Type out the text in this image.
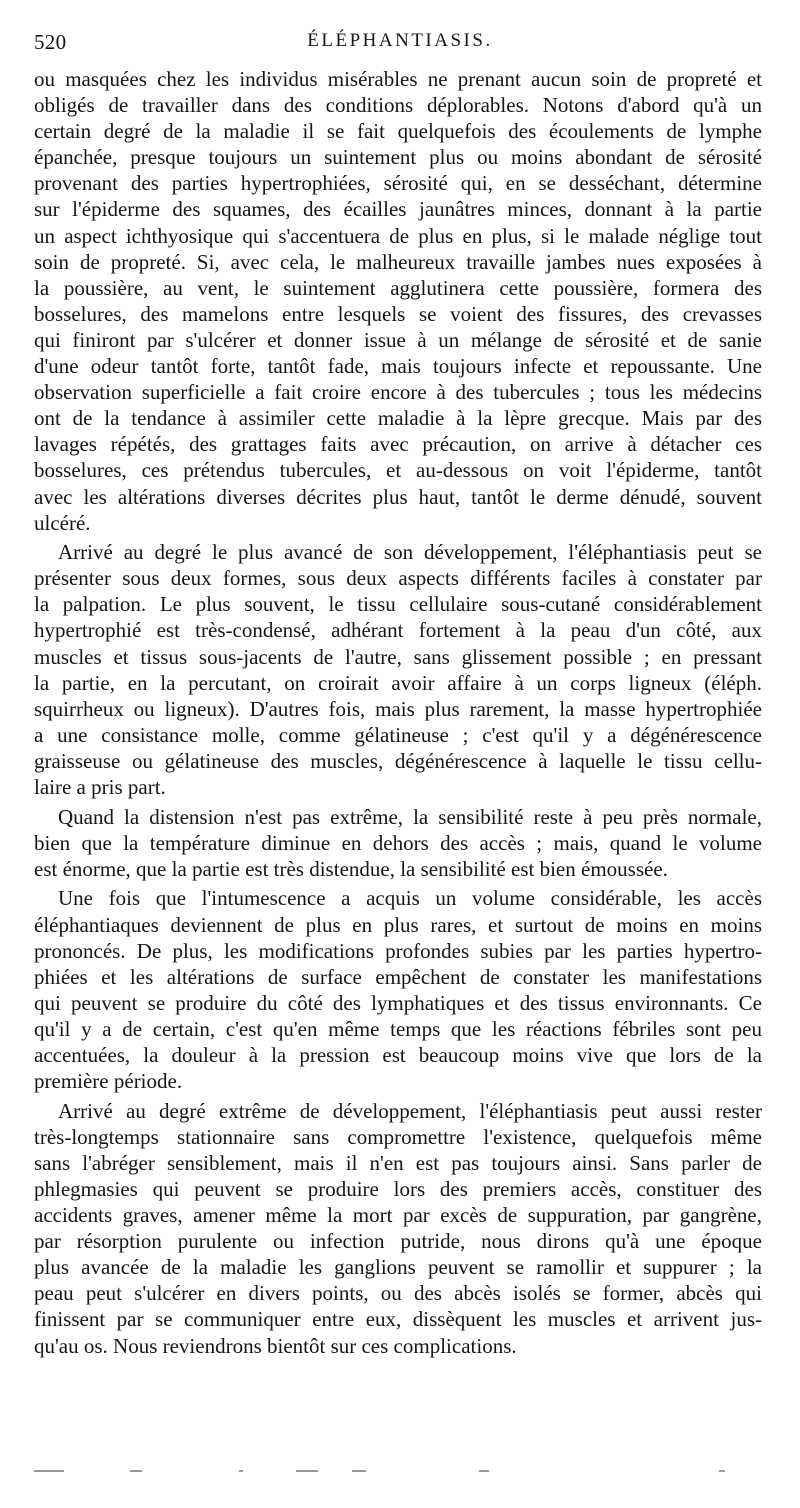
520	ÉLÉPHANTIASIS.
ou masquées chez les individus misérables ne prenant aucun soin de propreté et
obligés de travailler dans des conditions déplorables. Notons d'abord qu'à un
certain degré de la maladie il se fait quelquefois des écoulements de lymphe
épanchée, presque toujours un suintement plus ou moins abondant de sérosité
provenant des parties hypertrophiées, sérosité qui, en se desséchant, détermine
sur l'épiderme des squames, des écailles jaunâtres minces, donnant à la partie
un aspect ichthyosique qui s'accentuera de plus en plus, si le malade néglige tout
soin de propreté. Si, avec cela, le malheureux travaille jambes nues exposées à
la poussière, au vent, le suintement agglutinera cette poussière, formera des
bosselures, des mamelons entre lesquels se voient des fissures, des crevasses
qui finiront par s'ulcérer et donner issue à un mélange de sérosité et de sanie
d'une odeur tantôt forte, tantôt fade, mais toujours infecte et repoussante. Une
observation superficielle a fait croire encore à des tubercules ; tous les médecins
ont de la tendance à assimiler cette maladie à la lèpre grecque. Mais par des
lavages répétés, des grattages faits avec précaution, on arrive à détacher ces
bosselures, ces prétendus tubercules, et au-dessous on voit l'épiderme, tantôt
avec les altérations diverses décrites plus haut, tantôt le derme dénudé, souvent
ulcéré.
Arrivé au degré le plus avancé de son développement, l'éléphantiasis peut se
présenter sous deux formes, sous deux aspects différents faciles à constater par
la palpation. Le plus souvent, le tissu cellulaire sous-cutané considérablement
hypertrophié est très-condensé, adhérant fortement à la peau d'un côté, aux
muscles et tissus sous-jacents de l'autre, sans glissement possible ; en pressant
la partie, en la percutant, on croirait avoir affaire à un corps ligneux (éléph.
squirrheux ou ligneux). D'autres fois, mais plus rarement, la masse hypertrophiée
a une consistance molle, comme gélatineuse ; c'est qu'il y a dégénérescence
graisseuse ou gélatineuse des muscles, dégénérescence à laquelle le tissu cellu-
laire a pris part.
Quand la distension n'est pas extrême, la sensibilité reste à peu près normale,
bien que la température diminue en dehors des accès ; mais, quand le volume
est énorme, que la partie est très distendue, la sensibilité est bien émoussée.
Une fois que l'intumescence a acquis un volume considérable, les accès
éléphantiaques deviennent de plus en plus rares, et surtout de moins en moins
prononcés. De plus, les modifications profondes subies par les parties hypertro-
phiées et les altérations de surface empêchent de constater les manifestations
qui peuvent se produire du côté des lymphatiques et des tissus environnants. Ce
qu'il y a de certain, c'est qu'en même temps que les réactions fébriles sont peu
accentuées, la douleur à la pression est beaucoup moins vive que lors de la
première période.
Arrivé au degré extrême de développement, l'éléphantiasis peut aussi rester
très-longtemps stationnaire sans compromettre l'existence, quelquefois même
sans l'abréger sensiblement, mais il n'en est pas toujours ainsi. Sans parler de
phlegmasies qui peuvent se produire lors des premiers accès, constituer des
accidents graves, amener même la mort par excès de suppuration, par gangrène,
par résorption purulente ou infection putride, nous dirons qu'à une époque
plus avancée de la maladie les ganglions peuvent se ramollir et suppurer ; la
peau peut s'ulcérer en divers points, ou des abcès isolés se former, abcès qui
finissent par se communiquer entre eux, dissèquent les muscles et arrivent jus-
qu'au os. Nous reviendrons bientôt sur ces complications.
